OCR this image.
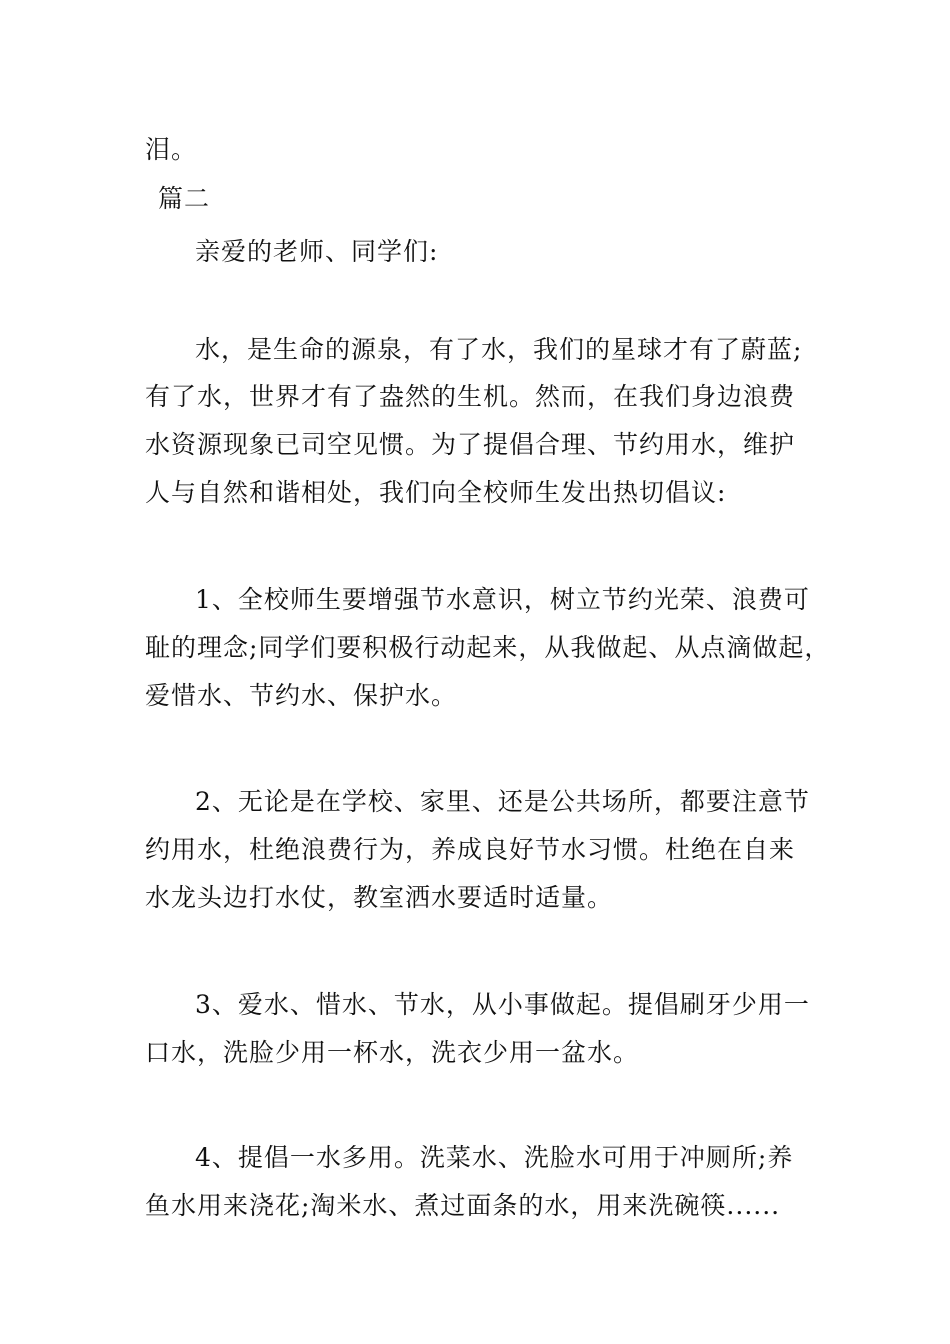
泪。
篇二
亲爱的老师、同学们:
水，是生命的源泉，有了水，我们的星球才有了蔚蓝;
有了水，世界才有了盎然的生机。然而，在我们身边浪费
水资源现象已司空见惯。为了提倡合理、节约用水，维护
人与自然和谐相处，我们向全校师生发出热切倡议:
1、全校师生要增强节水意识，树立节约光荣、浪费可
耻的理念;同学们要积极行动起来，从我做起、从点滴做起，
爱惜水、节约水、保护水。
2、无论是在学校、家里、还是公共场所，都要注意节
约用水，杜绝浪费行为，养成良好节水习惯。杜绝在自来
水龙头边打水仗，教室洒水要适时适量。
3、爱水、惜水、节水，从小事做起。提倡刷牙少用一
口水，洗脸少用一杯水，洗衣少用一盆水。
4、提倡一水多用。洗菜水、洗脸水可用于冲厕所;养
鱼水用来浇花;淘米水、煮过面条的水，用来洗碗筷......
